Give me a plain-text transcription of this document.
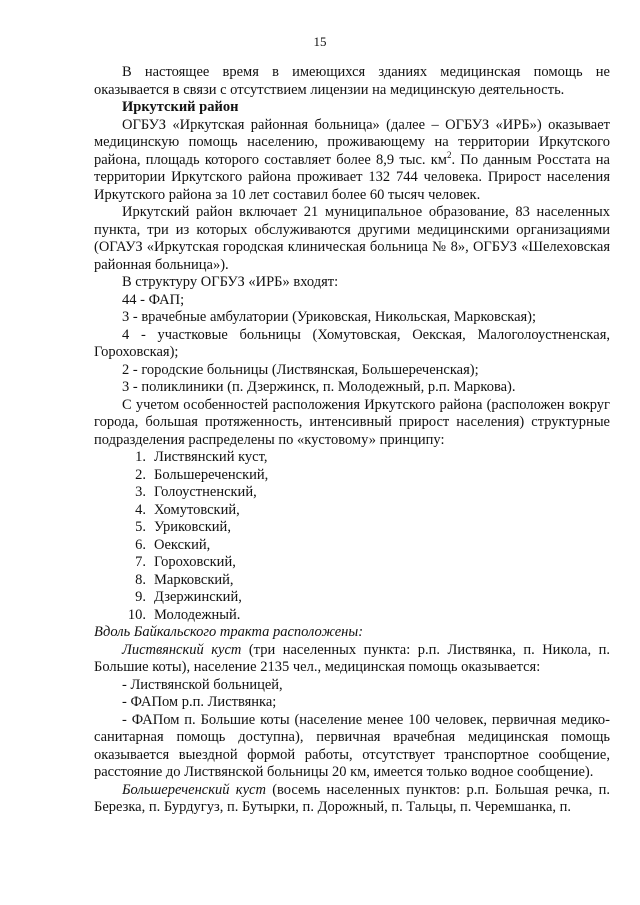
15

В настоящее время в имеющихся зданиях медицинская помощь не оказывается в связи с отсутствием лицензии на медицинскую деятельность.

Иркутский район

ОГБУЗ «Иркутская районная больница» (далее – ОГБУЗ «ИРБ») оказывает медицинскую помощь населению, проживающему на территории Иркутского района, площадь которого составляет более 8,9 тыс. $км^2$. По данным Росстата на территории Иркутского района проживает 132 744 человека. Прирост населения Иркутского района за 10 лет составил более 60 тысяч человек.

Иркутский район включает 21 муниципальное образование, 83 населенных пункта, три из которых обслуживаются другими медицинскими организациями (ОГАУЗ «Иркутская городская клиническая больница № 8», ОГБУЗ «Шелеховская районная больница»).

В структуру ОГБУЗ «ИРБ» входят:

44 - ФАП;

3 - врачебные амбулатории (Уриковская, Никольская, Марковская);

4 - участковые больницы (Хомутовская, Оекская, Малоголоустненская, Гороховская);

2 - городские больницы (Листвянская, Большереченская);

3 - поликлиники (п. Дзержинск, п. Молодежный, р.п. Маркова).

С учетом особенностей расположения Иркутского района (расположен вокруг города, большая протяженность, интенсивный прирост населения) структурные подразделения распределены по «кустовому» принципу:

1. Листвянский куст,
2. Большереченский,
3. Голоустненский,
4. Хомутовский,
5. Уриковский,
6. Оекский,
7. Гороховский,
8. Марковский,
9. Дзержинский,
10. Молодежный.

Вдоль Байкальского тракта расположены:

Листвянский куст (три населенных пункта: р.п. Листвянка, п. Никола, п. Большие коты), население 2135 чел., медицинская помощь оказывается:

- Листвянской больницей,

- ФАПом р.п. Листвянка;

- ФАПом п. Большие коты (население менее 100 человек, первичная медико-санитарная помощь доступна), первичная врачебная медицинская помощь оказывается выездной формой работы, отсутствует транспортное сообщение, расстояние до Листвянской больницы 20 км, имеется только водное сообщение).

Большереченский куст (восемь населенных пунктов: р.п. Большая речка, п. Березка, п. Бурдугуз, п. Бутырки, п. Дорожный, п. Тальцы, п. Черемшанка, п.
